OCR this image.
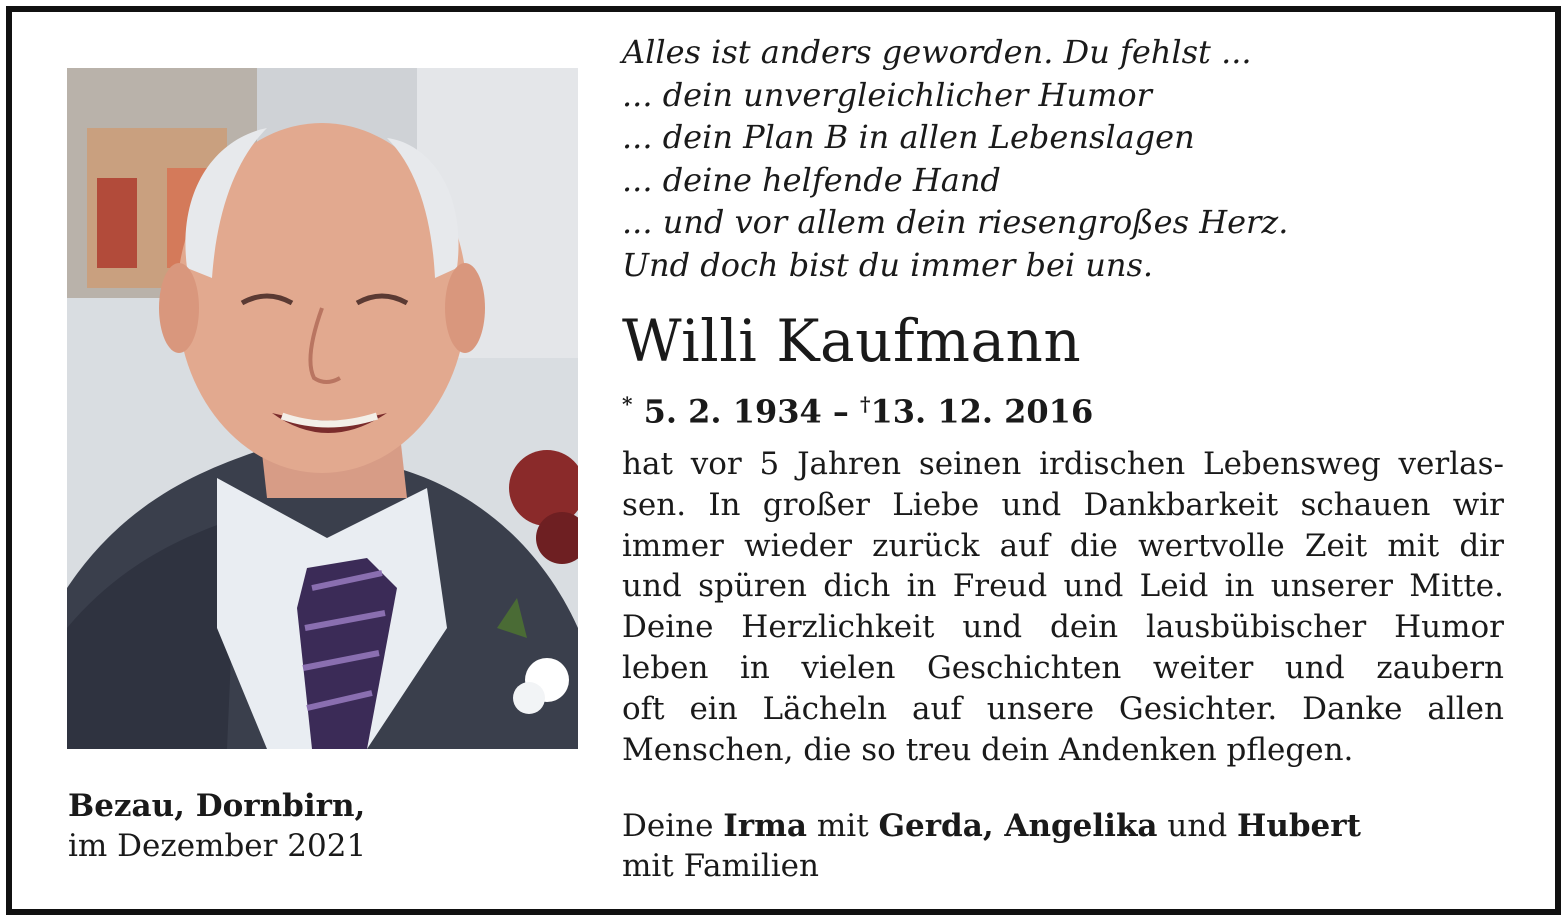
Alles ist anders geworden. Du fehlst ...
... dein unvergleichlicher Humor
... dein Plan B in allen Lebenslagen
... deine helfende Hand
... und vor allem dein riesengroßes Herz.
Und doch bist du immer bei uns.
Willi Kaufmann
* 5. 2. 1934 – †13. 12. 2016
hat vor 5 Jahren seinen irdischen Lebensweg verlas-
sen. In großer Liebe und Dankbarkeit schauen wir
immer wieder zurück auf die wertvolle Zeit mit dir
und spüren dich in Freud und Leid in unserer Mitte.
Deine Herzlichkeit und dein lausbübischer Humor
leben in vielen Geschichten weiter und zaubern
oft ein Lächeln auf unsere Gesichter. Danke allen
Menschen, die so treu dein Andenken pflegen.
Deine Irma mit Gerda, Angelika und Hubert
mit Familien
Bezau, Dornbirn,
im Dezember 2021
